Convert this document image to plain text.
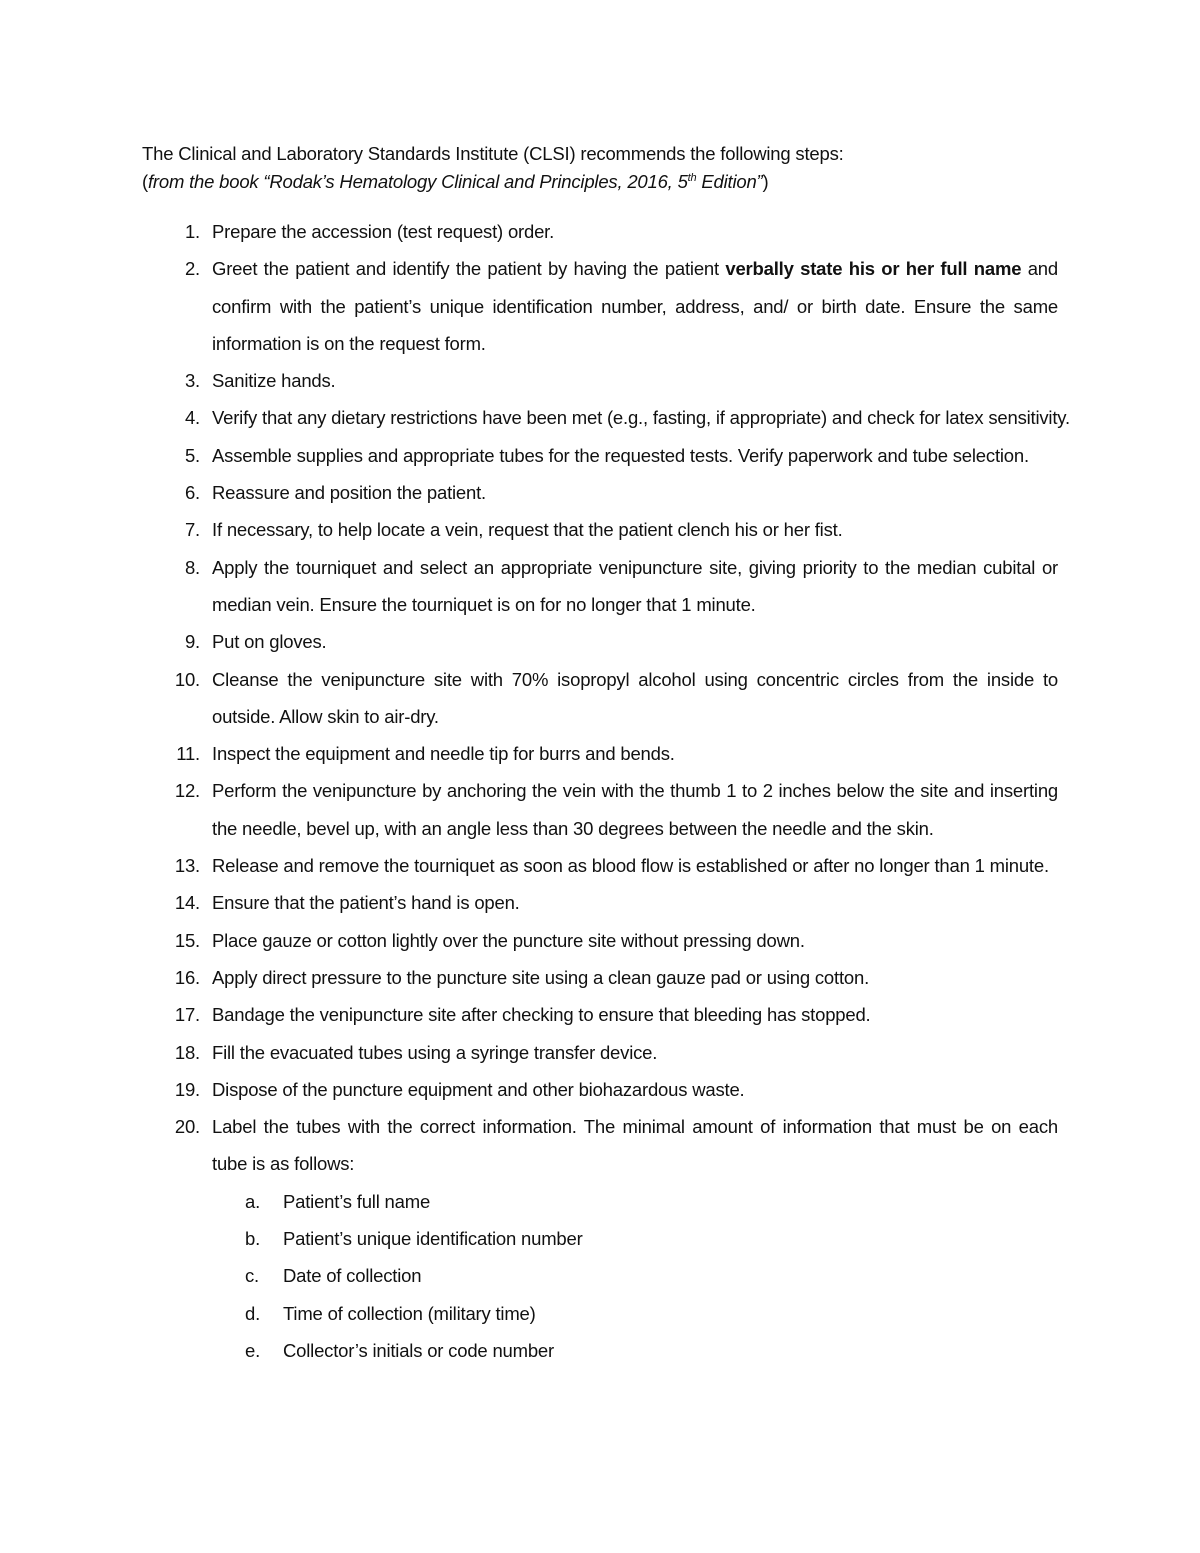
The Clinical and Laboratory Standards Institute (CLSI) recommends the following steps:
(from the book “Rodak’s Hematology Clinical and Principles, 2016, 5th Edition”)
1. Prepare the accession (test request) order.
2. Greet the patient and identify the patient by having the patient verbally state his or her full name and confirm with the patient’s unique identification number, address, and/ or birth date. Ensure the same information is on the request form.
3. Sanitize hands.
4. Verify that any dietary restrictions have been met (e.g., fasting, if appropriate) and check for latex sensitivity.
5. Assemble supplies and appropriate tubes for the requested tests. Verify paperwork and tube selection.
6. Reassure and position the patient.
7. If necessary, to help locate a vein, request that the patient clench his or her fist.
8. Apply the tourniquet and select an appropriate venipuncture site, giving priority to the median cubital or median vein. Ensure the tourniquet is on for no longer that 1 minute.
9. Put on gloves.
10. Cleanse the venipuncture site with 70% isopropyl alcohol using concentric circles from the inside to outside. Allow skin to air-dry.
11. Inspect the equipment and needle tip for burrs and bends.
12. Perform the venipuncture by anchoring the vein with the thumb 1 to 2 inches below the site and inserting the needle, bevel up, with an angle less than 30 degrees between the needle and the skin.
13. Release and remove the tourniquet as soon as blood flow is established or after no longer than 1 minute.
14. Ensure that the patient’s hand is open.
15. Place gauze or cotton lightly over the puncture site without pressing down.
16. Apply direct pressure to the puncture site using a clean gauze pad or using cotton.
17. Bandage the venipuncture site after checking to ensure that bleeding has stopped.
18. Fill the evacuated tubes using a syringe transfer device.
19. Dispose of the puncture equipment and other biohazardous waste.
20. Label the tubes with the correct information. The minimal amount of information that must be on each tube is as follows:
a. Patient’s full name
b. Patient’s unique identification number
c. Date of collection
d. Time of collection (military time)
e. Collector’s initials or code number
